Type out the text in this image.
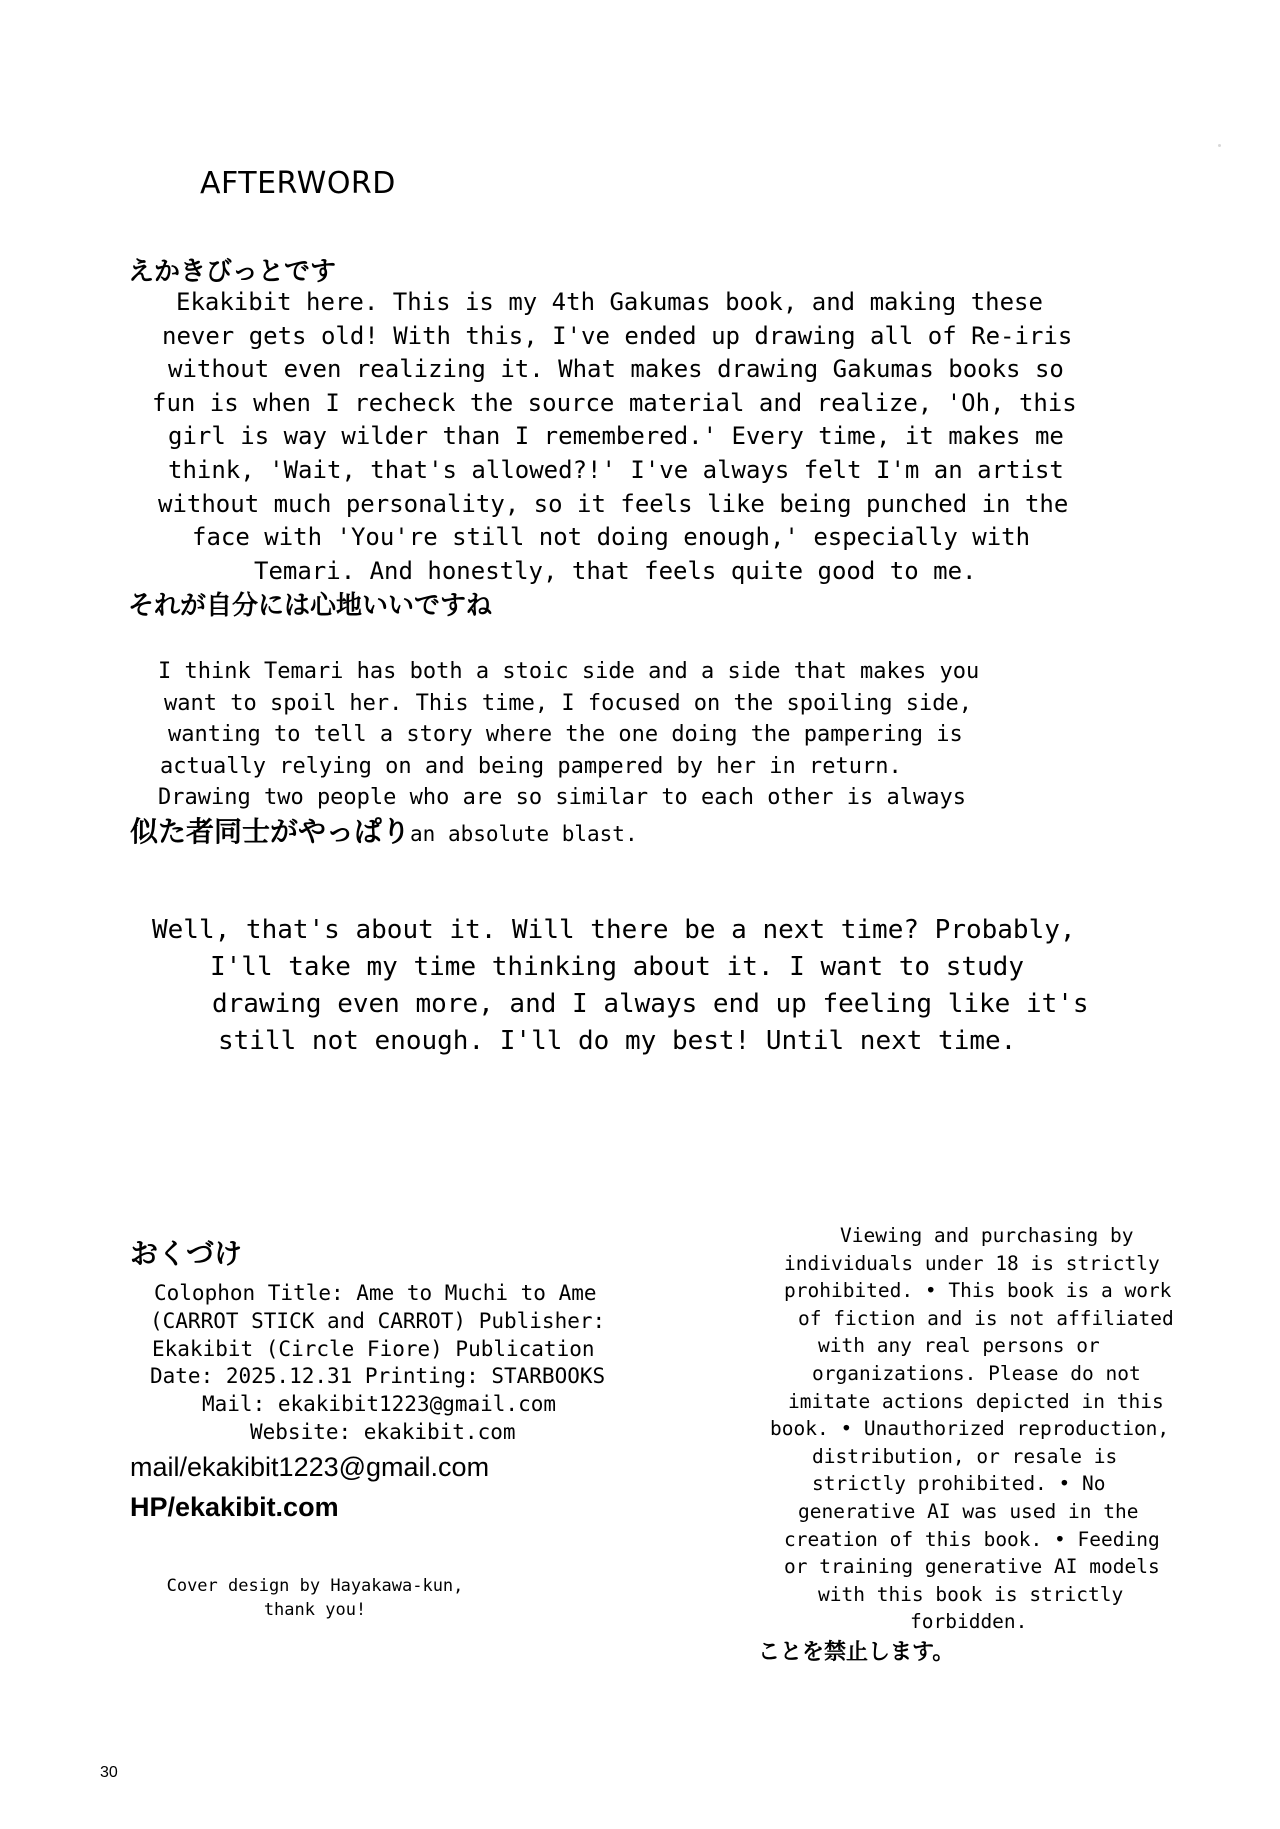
AFTERWORD
えかきびっとです
Ekakibit here. This is my 4th Gakumas book, and making these
never gets old! With this, I've ended up drawing all of Re-iris
without even realizing it. What makes drawing Gakumas books so
fun is when I recheck the source material and realize, 'Oh, this
girl is way wilder than I remembered.' Every time, it makes me
think, 'Wait, that's allowed?!' I've always felt I'm an artist
without much personality, so it feels like being punched in the
face with 'You're still not doing enough,' especially with
Temari. And honestly, that feels quite good to me.
それが自分には心地いいですね
I think Temari has both a stoic side and a side that makes you
want to spoil her. This time, I focused on the spoiling side,
wanting to tell a story where the one doing the pampering is
actually relying on and being pampered by her in return.
Drawing two people who are so similar to each other is always
似た者同士がやっぱりan absolute blast.
Well, that's about it. Will there be a next time? Probably,
I'll take my time thinking about it. I want to study
drawing even more, and I always end up feeling like it's
still not enough. I'll do my best! Until next time.
おくづけ
Colophon Title: Ame to Muchi to Ame
(CARROT STICK and CARROT) Publisher:
Ekakibit (Circle Fiore) Publication
Date: 2025.12.31 Printing: STARBOOKS
Mail: ekakibit1223@gmail.com
Website: ekakibit.com
mail/ekakibit1223@gmail.com
HP/ekakibit.com
Cover design by Hayakawa-kun,
thank you!
Viewing and purchasing by
individuals under 18 is strictly
prohibited. • This book is a work
of fiction and is not affiliated
with any real persons or
organizations. Please do not
imitate actions depicted in this
book. • Unauthorized reproduction,
distribution, or resale is
strictly prohibited. • No
generative AI was used in the
creation of this book. • Feeding
or training generative AI models
with this book is strictly
forbidden.
ことを禁止します。
30
